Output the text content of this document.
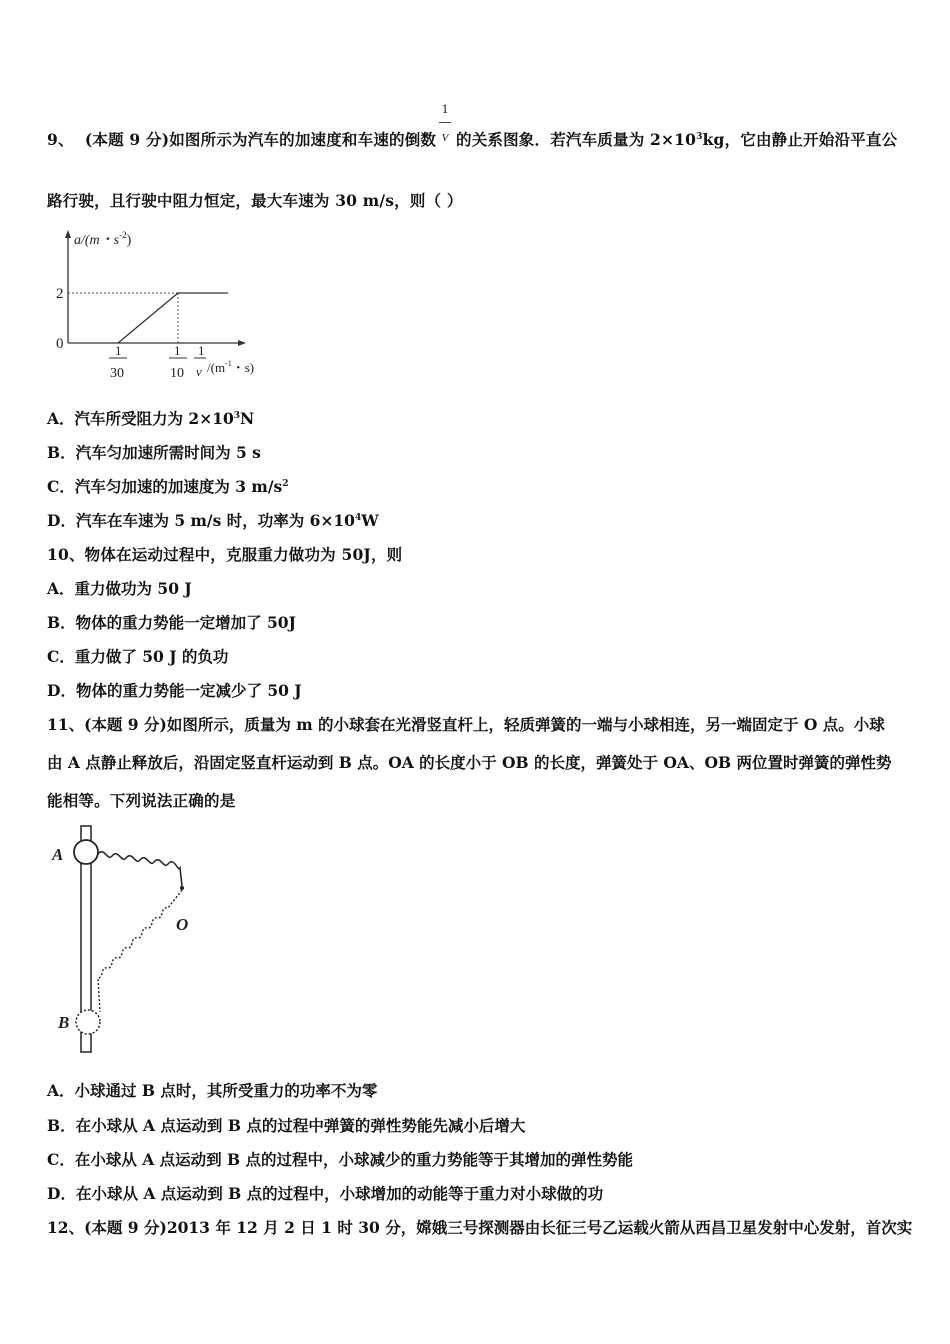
9、 (本题 9 分)如图所示为汽车的加速度和车速的倒数
1
V 的关系图象．若汽车质量为 $2\times 10^3kg$，它由静止开始沿平直公
路行驶，且行驶中阻力恒定，最大车速为 30 m/s，则（ ）
a/(m・$s^{-2}$)
2
0	1
30
1
10
1
v $/(m^{-1}$・s)
A．汽车所受阻力为 $2\times 10^3N$
B．汽车匀加速所需时间为 5 s
C．汽车匀加速的加速度为 3 $m/s^2$
D．汽车在车速为 5 m/s 时，功率为 $6\times 10^4W$
10、物体在运动过程中，克服重力做功为 50J，则
A．重力做功为 50 J
B．物体的重力势能一定增加了 50J
C．重力做了 50 J 的负功
D．物体的重力势能一定减少了 50 J
11、(本题 9 分)如图所示，质量为 m 的小球套在光滑竖直杆上，轻质弹簧的一端与小球相连，另一端固定于 O 点。小球
由 A 点静止释放后，沿固定竖直杆运动到 B 点。OA 的长度小于 OB 的长度，弹簧处于 OA、OB 两位置时弹簧的弹性势
能相等。下列说法正确的是
O
A
B
A．小球通过 B 点时，其所受重力的功率不为零
B．在小球从 A 点运动到 B 点的过程中弹簧的弹性势能先减小后增大
C．在小球从 A 点运动到 B 点的过程中，小球减少的重力势能等于其增加的弹性势能
D．在小球从 A 点运动到 B 点的过程中，小球增加的动能等于重力对小球做的功
12、(本题 9 分)2013 年 12 月 2 日 1 时 30 分，嫦娥三号探测器由长征三号乙运载火箭从西昌卫星发射中心发射，首次实
